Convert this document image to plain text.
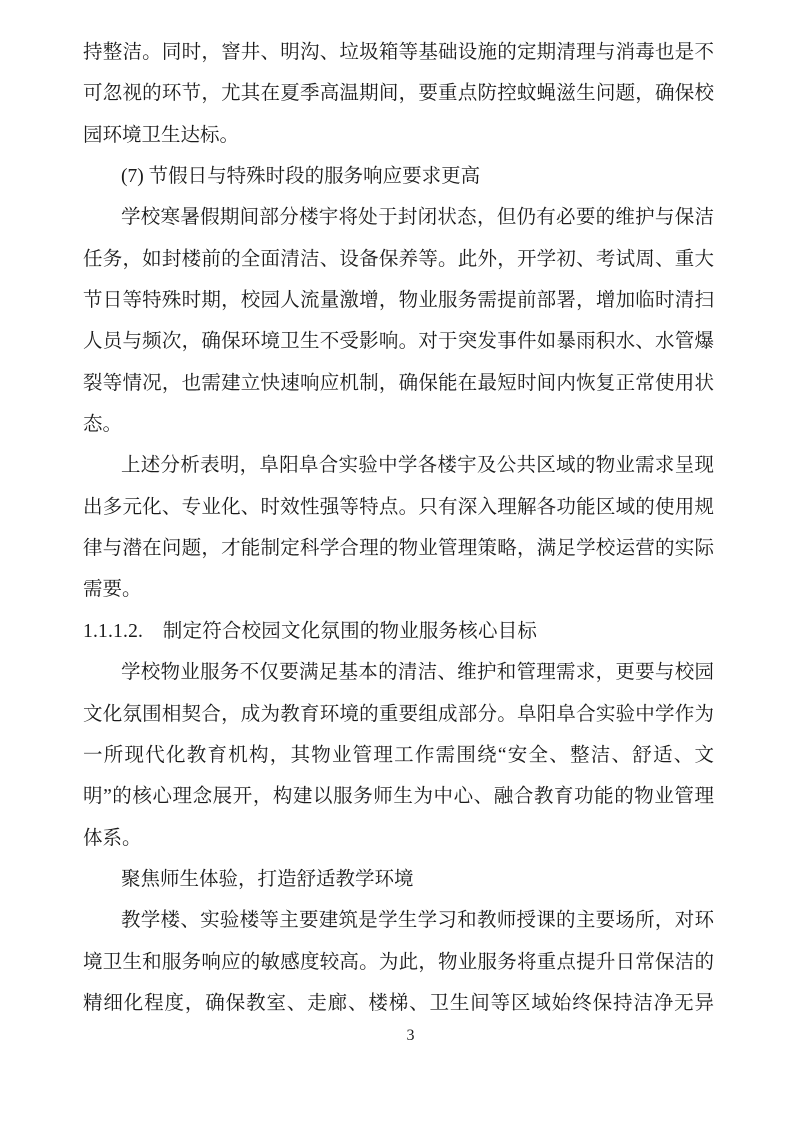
持整洁。同时，窨井、明沟、垃圾箱等基础设施的定期清理与消毒也是不
可忽视的环节，尤其在夏季高温期间，要重点防控蚊蝇滋生问题，确保校
园环境卫生达标。
(7) 节假日与特殊时段的服务响应要求更高
学校寒暑假期间部分楼宇将处于封闭状态，但仍有必要的维护与保洁
任务，如封楼前的全面清洁、设备保养等。此外，开学初、考试周、重大
节日等特殊时期，校园人流量激增，物业服务需提前部署，增加临时清扫
人员与频次，确保环境卫生不受影响。对于突发事件如暴雨积水、水管爆
裂等情况，也需建立快速响应机制，确保能在最短时间内恢复正常使用状
态。
上述分析表明，阜阳阜合实验中学各楼宇及公共区域的物业需求呈现
出多元化、专业化、时效性强等特点。只有深入理解各功能区域的使用规
律与潜在问题，才能制定科学合理的物业管理策略，满足学校运营的实际
需要。
1.1.1.2. 制定符合校园文化氛围的物业服务核心目标
学校物业服务不仅要满足基本的清洁、维护和管理需求，更要与校园
文化氛围相契合，成为教育环境的重要组成部分。阜阳阜合实验中学作为
一所现代化教育机构，其物业管理工作需围绕“安全、整洁、舒适、文
明”的核心理念展开，构建以服务师生为中心、融合教育功能的物业管理
体系。
聚焦师生体验，打造舒适教学环境
教学楼、实验楼等主要建筑是学生学习和教师授课的主要场所，对环
境卫生和服务响应的敏感度较高。为此，物业服务将重点提升日常保洁的
精细化程度，确保教室、走廊、楼梯、卫生间等区域始终保持洁净无异
3
